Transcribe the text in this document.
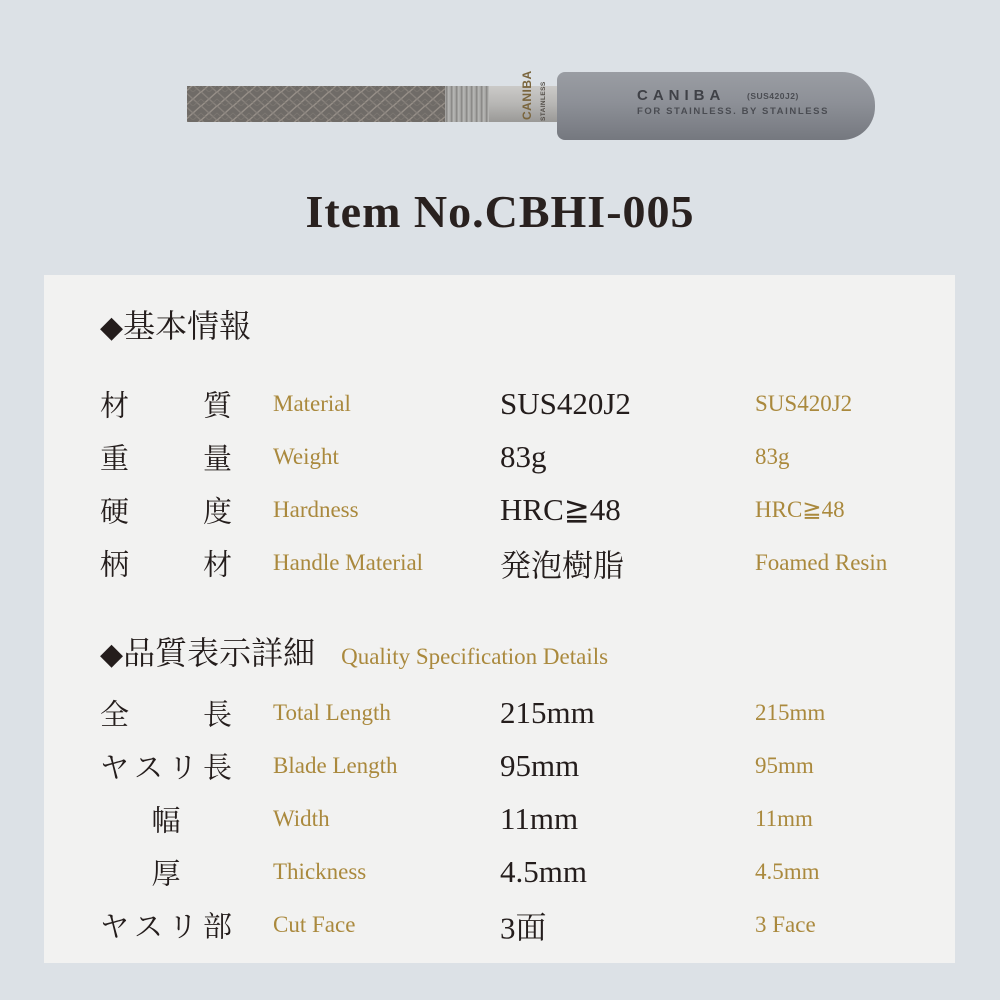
CANIBA STAINLESS	CANIBA	(SUS420J2)
FOR STAINLESS. BY STAINLESS
Item No.CBHI-005
◆ 基本情報
材質 Material	SUS420J2	SUS420J2
重量 Weight	83g	83g
硬度 Hardness	HRC≧48	HRC≧48
柄材 Handle Material 発泡樹脂	Foamed Resin
◆ 品質表示詳細 Quality Specification Details
全長 Total Length	215mm	215mm
ヤスリ長 Blade Length	95mm	95mm
幅	Width	11mm	11mm
厚	Thickness	4.5mm	4.5mm
ヤスリ部 Cut Face	3面	3 Face
